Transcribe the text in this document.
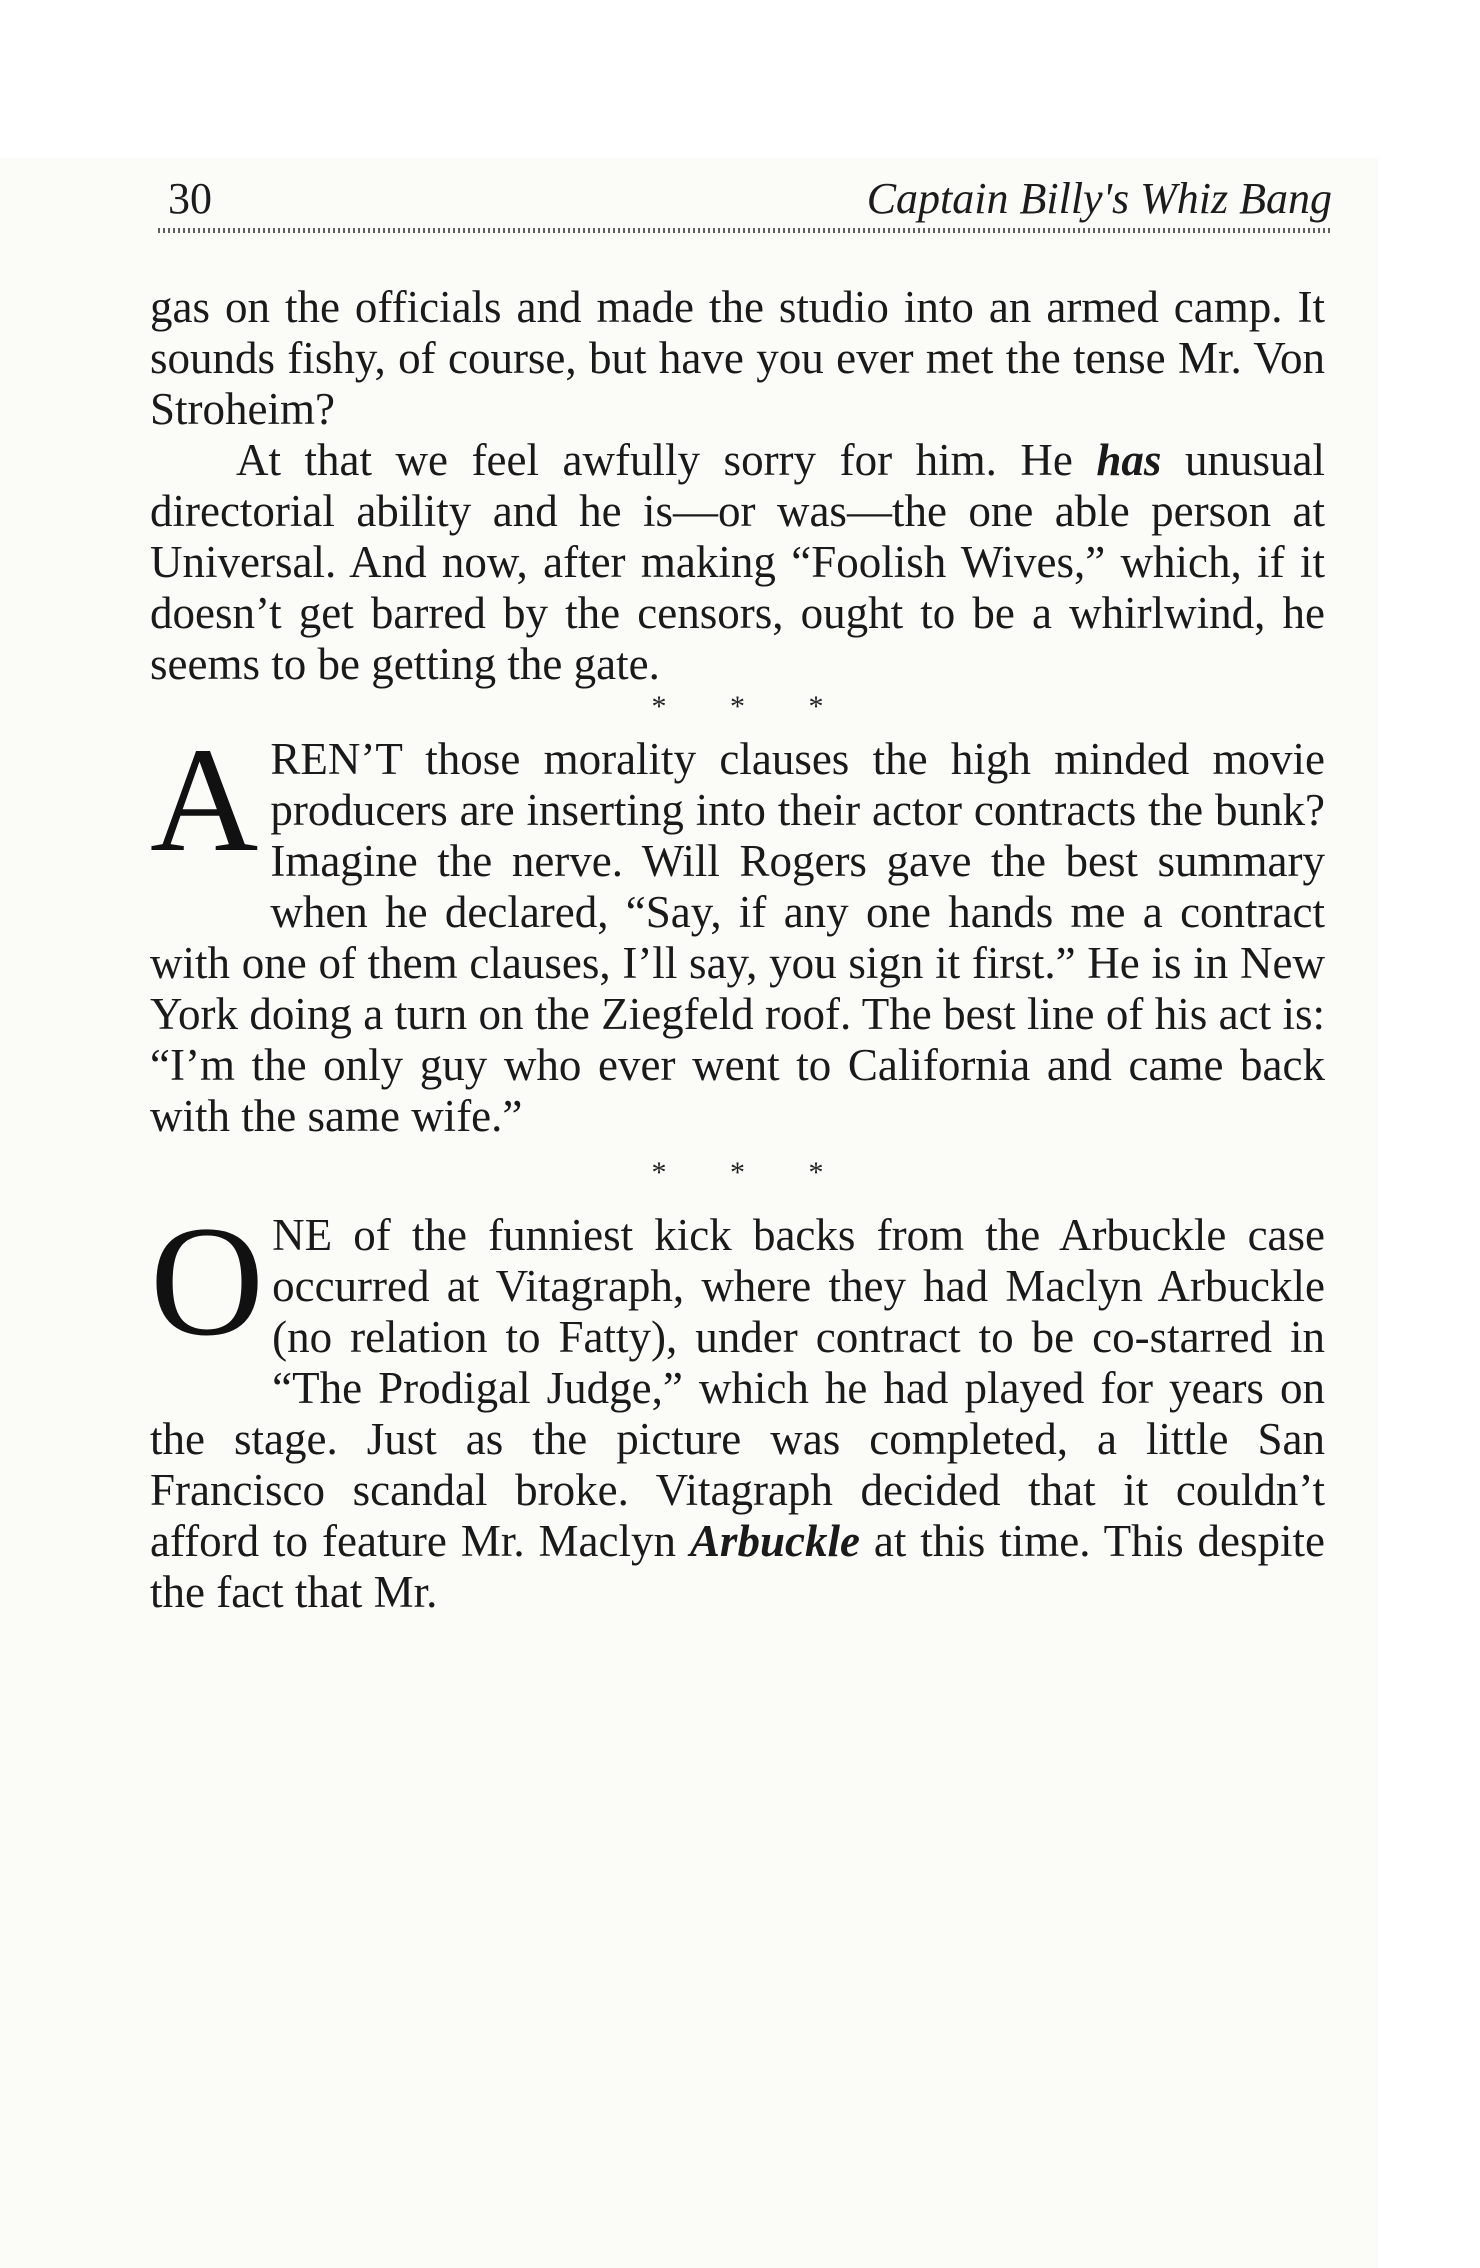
30	Captain Billy's Whiz Bang

gas on the officials and made the studio into an armed camp. It sounds fishy, of course, but have you ever met the tense Mr. Von Stroheim?

At that we feel awfully sorry for him. He has unusual directorial ability and he is—or was—the one able person at Universal. And now, after making “Foolish Wives,” which, if it doesn’t get barred by the censors, ought to be a whirlwind, he seems to be getting the gate.

* * *

AREN’T those morality clauses the high minded movie producers are inserting into their actor contracts the bunk? Imagine the nerve. Will Rogers gave the best summary when he declared, “Say, if any one hands me a contract with one of them clauses, I’ll say, you sign it first.” He is in New York doing a turn on the Ziegfeld roof. The best line of his act is: “I’m the only guy who ever went to California and came back with the same wife.”

* * *

ONE of the funniest kick backs from the Arbuckle case occurred at Vitagraph, where they had Maclyn Arbuckle (no relation to Fatty), under contract to be co-starred in “The Prodigal Judge,” which he had played for years on the stage. Just as the picture was completed, a little San Francisco scandal broke. Vitagraph decided that it couldn’t afford to feature Mr. Maclyn Arbuckle at this time. This despite the fact that Mr.
